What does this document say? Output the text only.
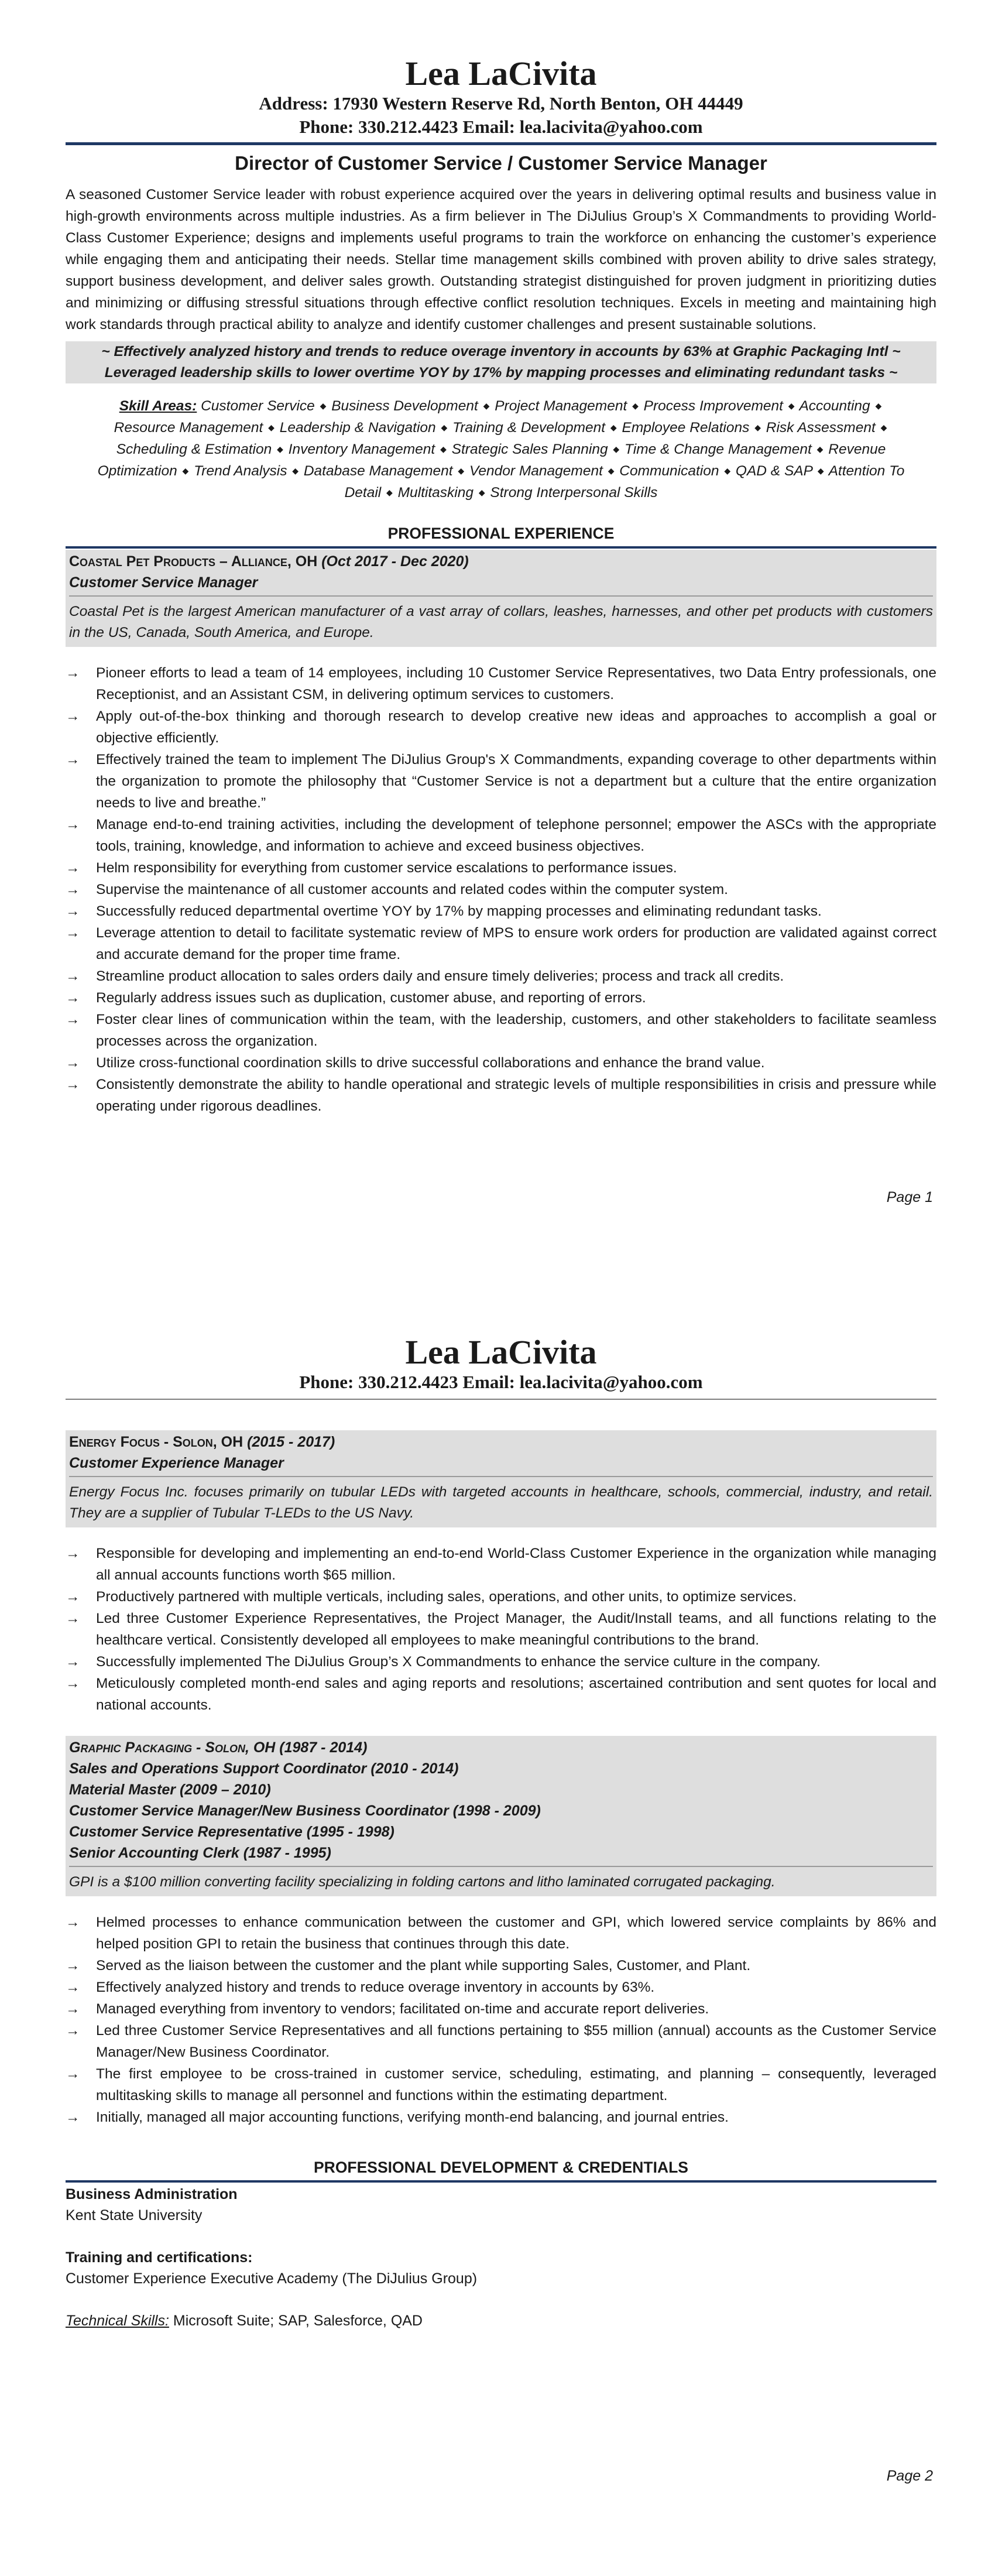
Lea LaCivita
Address: 17930 Western Reserve Rd, North Benton, OH 44449
Phone: 330.212.4423 Email: lea.lacivita@yahoo.com
Director of Customer Service / Customer Service Manager

A seasoned Customer Service leader with robust experience acquired over the years in delivering optimal results and business value in high-growth environments across multiple industries. As a firm believer in The DiJulius Group’s X Commandments to providing World-Class Customer Experience; designs and implements useful programs to train the workforce on enhancing the customer’s experience while engaging them and anticipating their needs. Stellar time management skills combined with proven ability to drive sales strategy, support business development, and deliver sales growth. Outstanding strategist distinguished for proven judgment in prioritizing duties and minimizing or diffusing stressful situations through effective conflict resolution techniques. Excels in meeting and maintaining high work standards through practical ability to analyze and identify customer challenges and present sustainable solutions.

~ Effectively analyzed history and trends to reduce overage inventory in accounts by 63% at Graphic Packaging Intl ~ Leveraged leadership skills to lower overtime YOY by 17% by mapping processes and eliminating redundant tasks ~
Skill Areas: Customer Service ◆ Business Development ◆ Project Management ◆ Process Improvement ◆ Accounting ◆ Resource Management ◆ Leadership & Navigation ◆ Training & Development ◆ Employee Relations ◆ Risk Assessment ◆ Scheduling & Estimation ◆ Inventory Management ◆ Strategic Sales Planning ◆ Time & Change Management ◆ Revenue Optimization ◆ Trend Analysis ◆ Database Management ◆ Vendor Management ◆ Communication ◆ QAD & SAP ◆ Attention To Detail ◆ Multitasking ◆ Strong Interpersonal Skills
PROFESSIONAL EXPERIENCE
Coastal Pet Products – Alliance, OH (Oct 2017 - Dec 2020)
Customer Service Manager
Coastal Pet is the largest American manufacturer of a vast array of collars, leashes, harnesses, and other pet products with customers in the US, Canada, South America, and Europe.
→	Pioneer efforts to lead a team of 14 employees, including 10 Customer Service Representatives, two Data Entry professionals, one Receptionist, and an Assistant CSM, in delivering optimum services to customers.
→	Apply out-of-the-box thinking and thorough research to develop creative new ideas and approaches to accomplish a goal or objective efficiently.
→	Effectively trained the team to implement The DiJulius Group's X Commandments, expanding coverage to other departments within the organization to promote the philosophy that “Customer Service is not a department but a culture that the entire organization needs to live and breathe.”
→	Manage end-to-end training activities, including the development of telephone personnel; empower the ASCs with the appropriate tools, training, knowledge, and information to achieve and exceed business objectives.
→	Helm responsibility for everything from customer service escalations to performance issues.
→	Supervise the maintenance of all customer accounts and related codes within the computer system.
→	Successfully reduced departmental overtime YOY by 17% by mapping processes and eliminating redundant tasks.
→	Leverage attention to detail to facilitate systematic review of MPS to ensure work orders for production are validated against correct and accurate demand for the proper time frame.
→	Streamline product allocation to sales orders daily and ensure timely deliveries; process and track all credits.
→	Regularly address issues such as duplication, customer abuse, and reporting of errors.
→	Foster clear lines of communication within the team, with the leadership, customers, and other stakeholders to facilitate seamless processes across the organization.
→	Utilize cross-functional coordination skills to drive successful collaborations and enhance the brand value.
→	Consistently demonstrate the ability to handle operational and strategic levels of multiple responsibilities in crisis and pressure while operating under rigorous deadlines.
Page 1
Lea LaCivita
Phone: 330.212.4423 Email: lea.lacivita@yahoo.com
Energy Focus - Solon, OH (2015 - 2017)
Customer Experience Manager
Energy Focus Inc. focuses primarily on tubular LEDs with targeted accounts in healthcare, schools, commercial, industry, and retail. They are a supplier of Tubular T-LEDs to the US Navy.
→	Responsible for developing and implementing an end-to-end World-Class Customer Experience in the organization while managing all annual accounts functions worth $65 million.
→	Productively partnered with multiple verticals, including sales, operations, and other units, to optimize services.
→	Led three Customer Experience Representatives, the Project Manager, the Audit/Install teams, and all functions relating to the healthcare vertical. Consistently developed all employees to make meaningful contributions to the brand.
→	Successfully implemented The DiJulius Group’s X Commandments to enhance the service culture in the company.
→	Meticulously completed month-end sales and aging reports and resolutions; ascertained contribution and sent quotes for local and national accounts.
Graphic Packaging - Solon, OH (1987 - 2014)
Sales and Operations Support Coordinator (2010 - 2014)
Material Master (2009 – 2010)
Customer Service Manager/New Business Coordinator (1998 - 2009)
Customer Service Representative (1995 - 1998)
Senior Accounting Clerk (1987 - 1995)
GPI is a $100 million converting facility specializing in folding cartons and litho laminated corrugated packaging.
→	Helmed processes to enhance communication between the customer and GPI, which lowered service complaints by 86% and helped position GPI to retain the business that continues through this date.
→	Served as the liaison between the customer and the plant while supporting Sales, Customer, and Plant.
→	Effectively analyzed history and trends to reduce overage inventory in accounts by 63%.
→	Managed everything from inventory to vendors; facilitated on-time and accurate report deliveries.
→	Led three Customer Service Representatives and all functions pertaining to $55 million (annual) accounts as the Customer Service Manager/New Business Coordinator.
→	The first employee to be cross-trained in customer service, scheduling, estimating, and planning – consequently, leveraged multitasking skills to manage all personnel and functions within the estimating department.
→	Initially, managed all major accounting functions, verifying month-end balancing, and journal entries.
PROFESSIONAL DEVELOPMENT & CREDENTIALS
Business Administration
Kent State University
Training and certifications:
Customer Experience Executive Academy (The DiJulius Group)
Technical Skills: Microsoft Suite; SAP, Salesforce, QAD
Page 2
